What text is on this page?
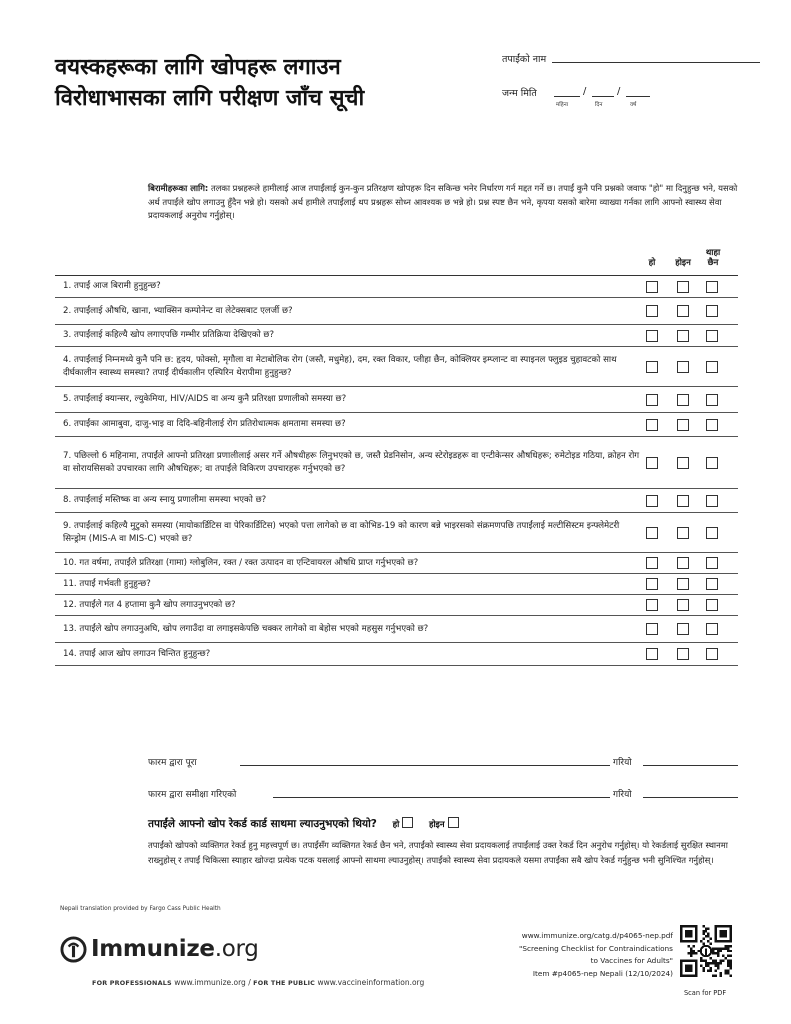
वयस्कहरूका लागि खोपहरू लगाउन
विरोधाभासका लागि परीक्षण जाँच सूची
तपाईंको नाम
जन्म मिति	/	/
महिना	दिन	वर्ष
बिरामीहरूका लागि: तलका प्रश्नहरूले हामीलाई आज तपाईंलाई कुन-कुन प्रतिरक्षण खोपहरू दिन सकिन्छ भनेर निर्धारण गर्न मद्दत गर्ने छ। तपाईं कुनै पनि प्रश्नको जवाफ "हो" मा दिनुहुन्छ भने, यसको अर्थ तपाईंले खोप लगाउनु हुँदैन भन्ने हो। यसको अर्थ हामीले तपाईंलाई थप प्रश्नहरू सोध्न आवश्यक छ भन्ने हो। प्रश्न स्पष्ट छैन भने, कृपया यसको बारेमा व्याख्या गर्नका लागि आफ्नो स्वास्थ्य सेवा प्रदायकलाई अनुरोध गर्नुहोस्।
हो	होइन
थाहा
छैन
1. तपाईं आज बिरामी हुनुहुन्छ?
2. तपाईंलाई औषधि, खाना, भ्याक्सिन कम्पोनेन्ट वा लेटेक्सबाट एलर्जी छ?
3. तपाईंलाई कहिल्यै खोप लगाएपछि गम्भीर प्रतिक्रिया देखिएको छ?
4. तपाईंलाई निम्नमध्ये कुनै पनि छ: हृदय, फोक्सो, मृगौला वा मेटाबोलिक रोग (जस्तै, मधुमेह), दम, रक्त विकार, प्लीहा छैन, कोक्लियर इम्प्लान्ट वा स्पाइनल फ्लुइड चुहावटको साथ दीर्घकालीन स्वास्थ्य समस्या? तपाईं दीर्घकालीन एस्पिरिन थेरापीमा हुनुहुन्छ?
5. तपाईंलाई क्यान्सर, ल्युकेमिया, HIV/AIDS वा अन्य कुनै प्रतिरक्षा प्रणालीको समस्या छ?
6. तपाईंका आमाबुवा, दाजु-भाइ वा दिदि-बहिनीलाई रोग प्रतिरोधात्मक क्षमतामा समस्या छ?
7. पछिल्लो 6 महिनामा, तपाईंले आफ्नो प्रतिरक्षा प्रणालीलाई असर गर्ने औषधीहरू लिनुभएको छ, जस्तै प्रेडनिसोन, अन्य स्टेरोइडहरू वा एन्टीकेन्सर औषधिहरू; रुमेटोइड गठिया, क्रोहन रोग वा सोरायसिसको उपचारका लागि औषधिहरू; वा तपाईंले विकिरण उपचारहरू गर्नुभएको छ?
8. तपाईंलाई मस्तिष्क वा अन्य स्नायु प्रणालीमा समस्या भएको छ?
9. तपाईंलाई कहिल्यै मुटुको समस्या (मायोकार्डिटिस वा पेरिकार्डिटिस) भएको पत्ता लागेको छ वा कोभिड-19 को कारण बन्ने भाइरसको संक्रमणपछि तपाईंलाई मल्टीसिस्टम इन्फ्लेमेटरी सिन्ड्रोम (MIS-A वा MIS-C) भएको छ?
10. गत वर्षमा, तपाईंले प्रतिरक्षा (गामा) ग्लोबुलिन, रक्त / रक्त उत्पादन वा एन्टिवायरल औषधि प्राप्त गर्नुभएको छ?
11. तपाईं गर्भवती हुनुहुन्छ?
12. तपाईंले गत 4 हप्तामा कुनै खोप लगाउनुभएको छ?
13. तपाईंले खोप लगाउनुअघि, खोप लगाउँदा वा लगाइसकेपछि चक्कर लागेको वा बेहोस भएको महसुस गर्नुभएको छ?
14. तपाईं आज खोप लगाउन चिन्तित हुनुहुन्छ?
फारम द्वारा पूरा	गरियो
फारम द्वारा समीक्षा गरिएको	गरियो
तपाईंले आफ्नो खोप रेकर्ड कार्ड साथमा ल्याउनुभएको थियो? हो	होइन
तपाईंको खोपको व्यक्तिगत रेकर्ड हुनु महत्त्वपूर्ण छ। तपाईंसँग व्यक्तिगत रेकर्ड छैन भने, तपाईंको स्वास्थ्य सेवा प्रदायकलाई तपाईंलाई उक्त रेकर्ड दिन अनुरोध गर्नुहोस्। यो रेकर्डलाई सुरक्षित स्थानमा राख्नुहोस् र तपाईं चिकित्सा स्याहार खोज्दा प्रत्येक पटक यसलाई आफ्नो साथमा ल्याउनुहोस्। तपाईंको स्वास्थ्य सेवा प्रदायकले यसमा तपाईंका सबै खोप रेकर्ड गर्नुहुन्छ भनी सुनिश्चित गर्नुहोस्।
Nepali translation provided by Fargo Cass Public Health
Immunize.org
FOR PROFESSIONALS www.immunize.org / FOR THE PUBLIC www.vaccineinformation.org
www.immunize.org/catg.d/p4065-nep.pdf
"Screening Checklist for Contraindications
to Vaccines for Adults"
Item #p4065-nep Nepali (12/10/2024)
Scan for PDF
